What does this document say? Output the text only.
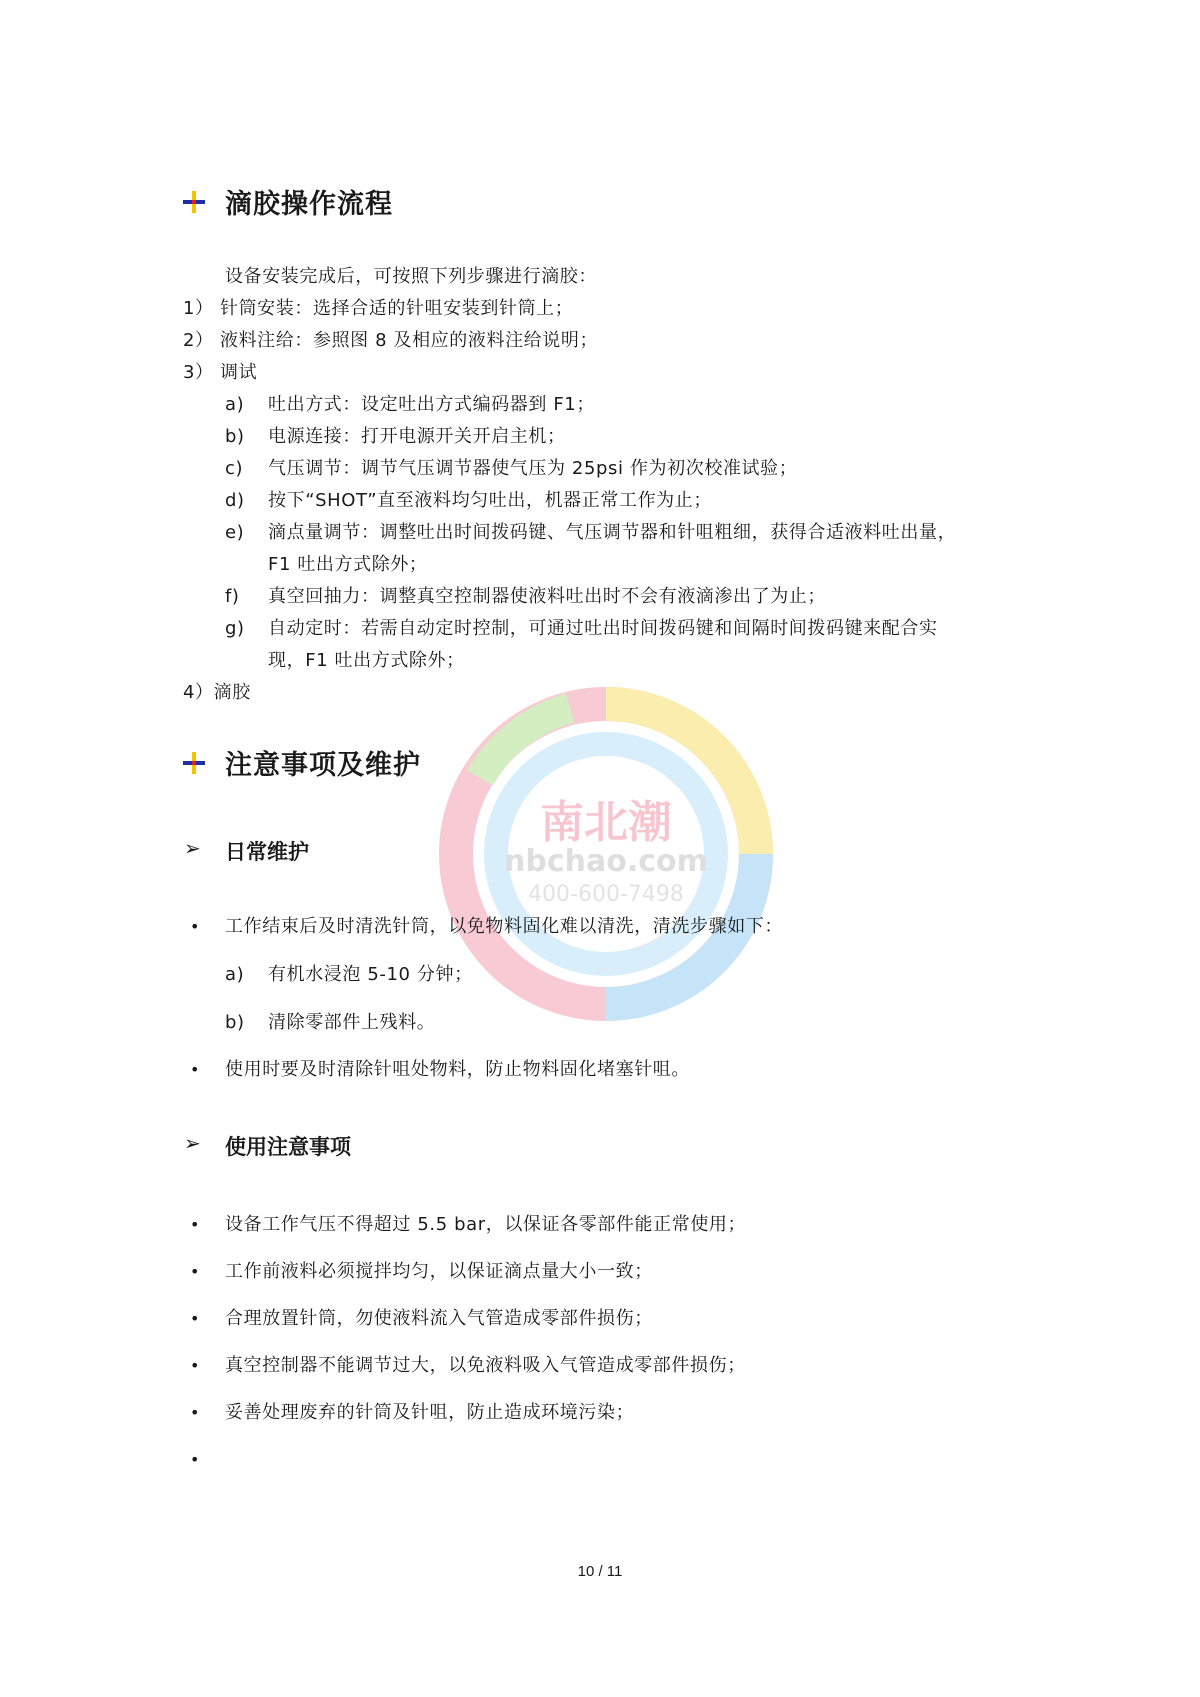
南北潮
nbchao.com
400-600-7498
滴胶操作流程
设备安装完成后，可按照下列步骤进行滴胶：
1） 针筒安装：选择合适的针咀安装到针筒上；
2） 液料注给：参照图 8 及相应的液料注给说明；
3） 调试
a) 吐出方式：设定吐出方式编码器到 F1；
b) 电源连接：打开电源开关开启主机；
c) 气压调节：调节气压调节器使气压为 25psi 作为初次校准试验；
d) 按下“SHOT”直至液料均匀吐出，机器正常工作为止；
e) 滴点量调节：调整吐出时间拨码键、气压调节器和针咀粗细，获得合适液料吐出量，
F1 吐出方式除外；
f) 真空回抽力：调整真空控制器使液料吐出时不会有液滴渗出了为止；
g) 自动定时：若需自动定时控制，可通过吐出时间拨码键和间隔时间拨码键来配合实
现，F1 吐出方式除外；
4）滴胶
注意事项及维护
➢ 日常维护
• 工作结束后及时清洗针筒，以免物料固化难以清洗，清洗步骤如下：
a) 有机水浸泡 5-10 分钟；
b) 清除零部件上残料。
• 使用时要及时清除针咀处物料，防止物料固化堵塞针咀。
➢ 使用注意事项
• 设备工作气压不得超过 5.5 bar，以保证各零部件能正常使用；
• 工作前液料必须搅拌均匀，以保证滴点量大小一致；
• 合理放置针筒，勿使液料流入气管造成零部件损伤；
• 真空控制器不能调节过大，以免液料吸入气管造成零部件损伤；
• 妥善处理废弃的针筒及针咀，防止造成环境污染；
•
10 / 11
